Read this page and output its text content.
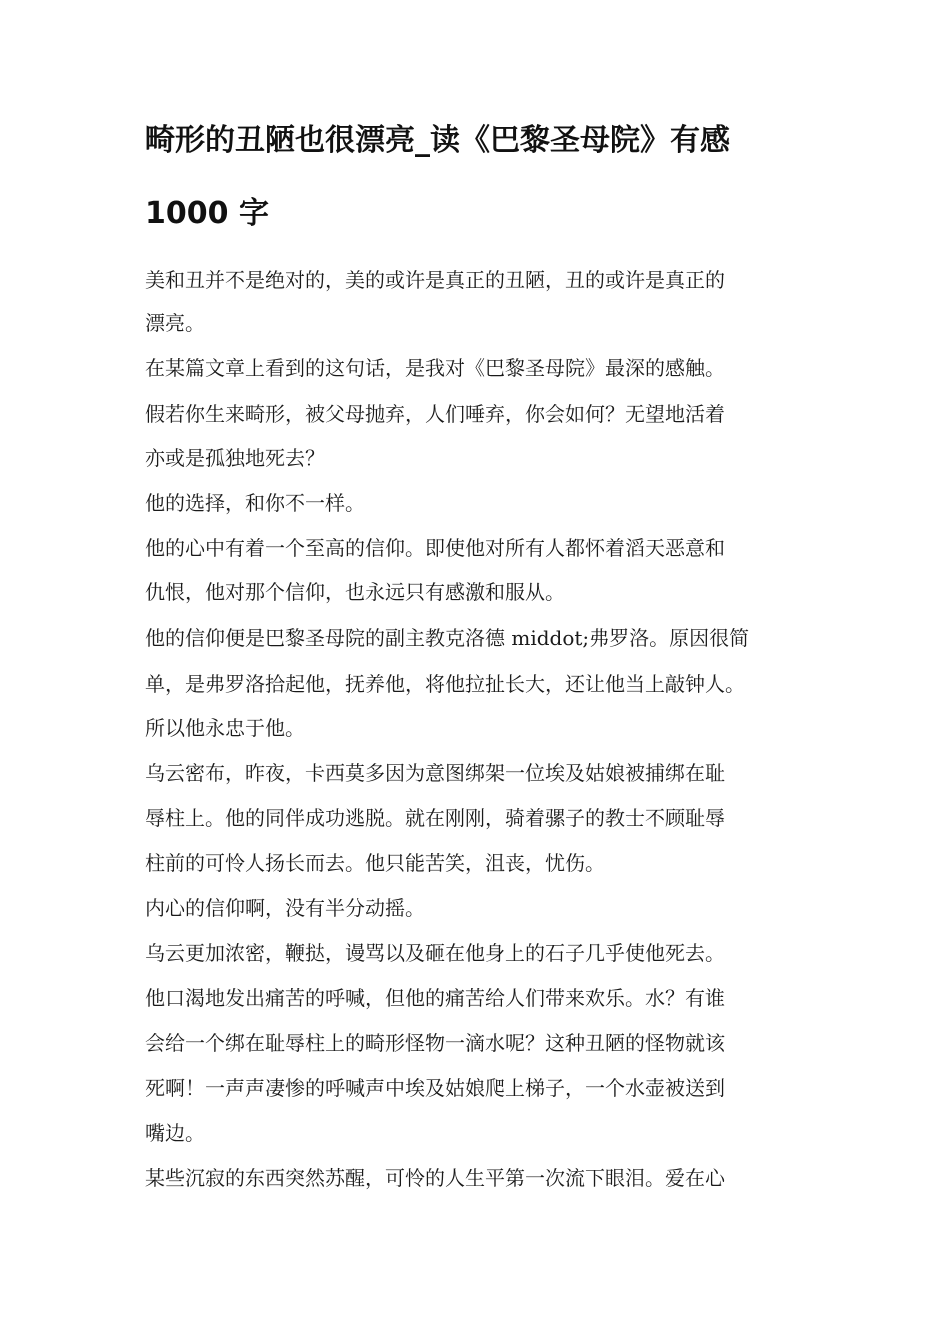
畸形的丑陋也很漂亮_读《巴黎圣母院》有感
1000 字

美和丑并不是绝对的，美的或许是真正的丑陋，丑的或许是真正的

漂亮。

在某篇文章上看到的这句话，是我对《巴黎圣母院》最深的感触。

假若你生来畸形，被父母抛弃，人们唾弃，你会如何？无望地活着

亦或是孤独地死去？

他的选择，和你不一样。

他的心中有着一个至高的信仰。即使他对所有人都怀着滔天恶意和

仇恨，他对那个信仰，也永远只有感激和服从。

他的信仰便是巴黎圣母院的副主教克洛德 middot;弗罗洛。原因很简

单，是弗罗洛拾起他，抚养他，将他拉扯长大，还让他当上敲钟人。

所以他永忠于他。

乌云密布，昨夜，卡西莫多因为意图绑架一位埃及姑娘被捕绑在耻

辱柱上。他的同伴成功逃脱。就在刚刚，骑着骡子的教士不顾耻辱

柱前的可怜人扬长而去。他只能苦笑，沮丧，忧伤。

内心的信仰啊，没有半分动摇。

乌云更加浓密，鞭挞，谩骂以及砸在他身上的石子几乎使他死去。

他口渴地发出痛苦的呼喊，但他的痛苦给人们带来欢乐。水？有谁

会给一个绑在耻辱柱上的畸形怪物一滴水呢？这种丑陋的怪物就该

死啊！一声声凄惨的呼喊声中埃及姑娘爬上梯子，一个水壶被送到

嘴边。

某些沉寂的东西突然苏醒，可怜的人生平第一次流下眼泪。爱在心
